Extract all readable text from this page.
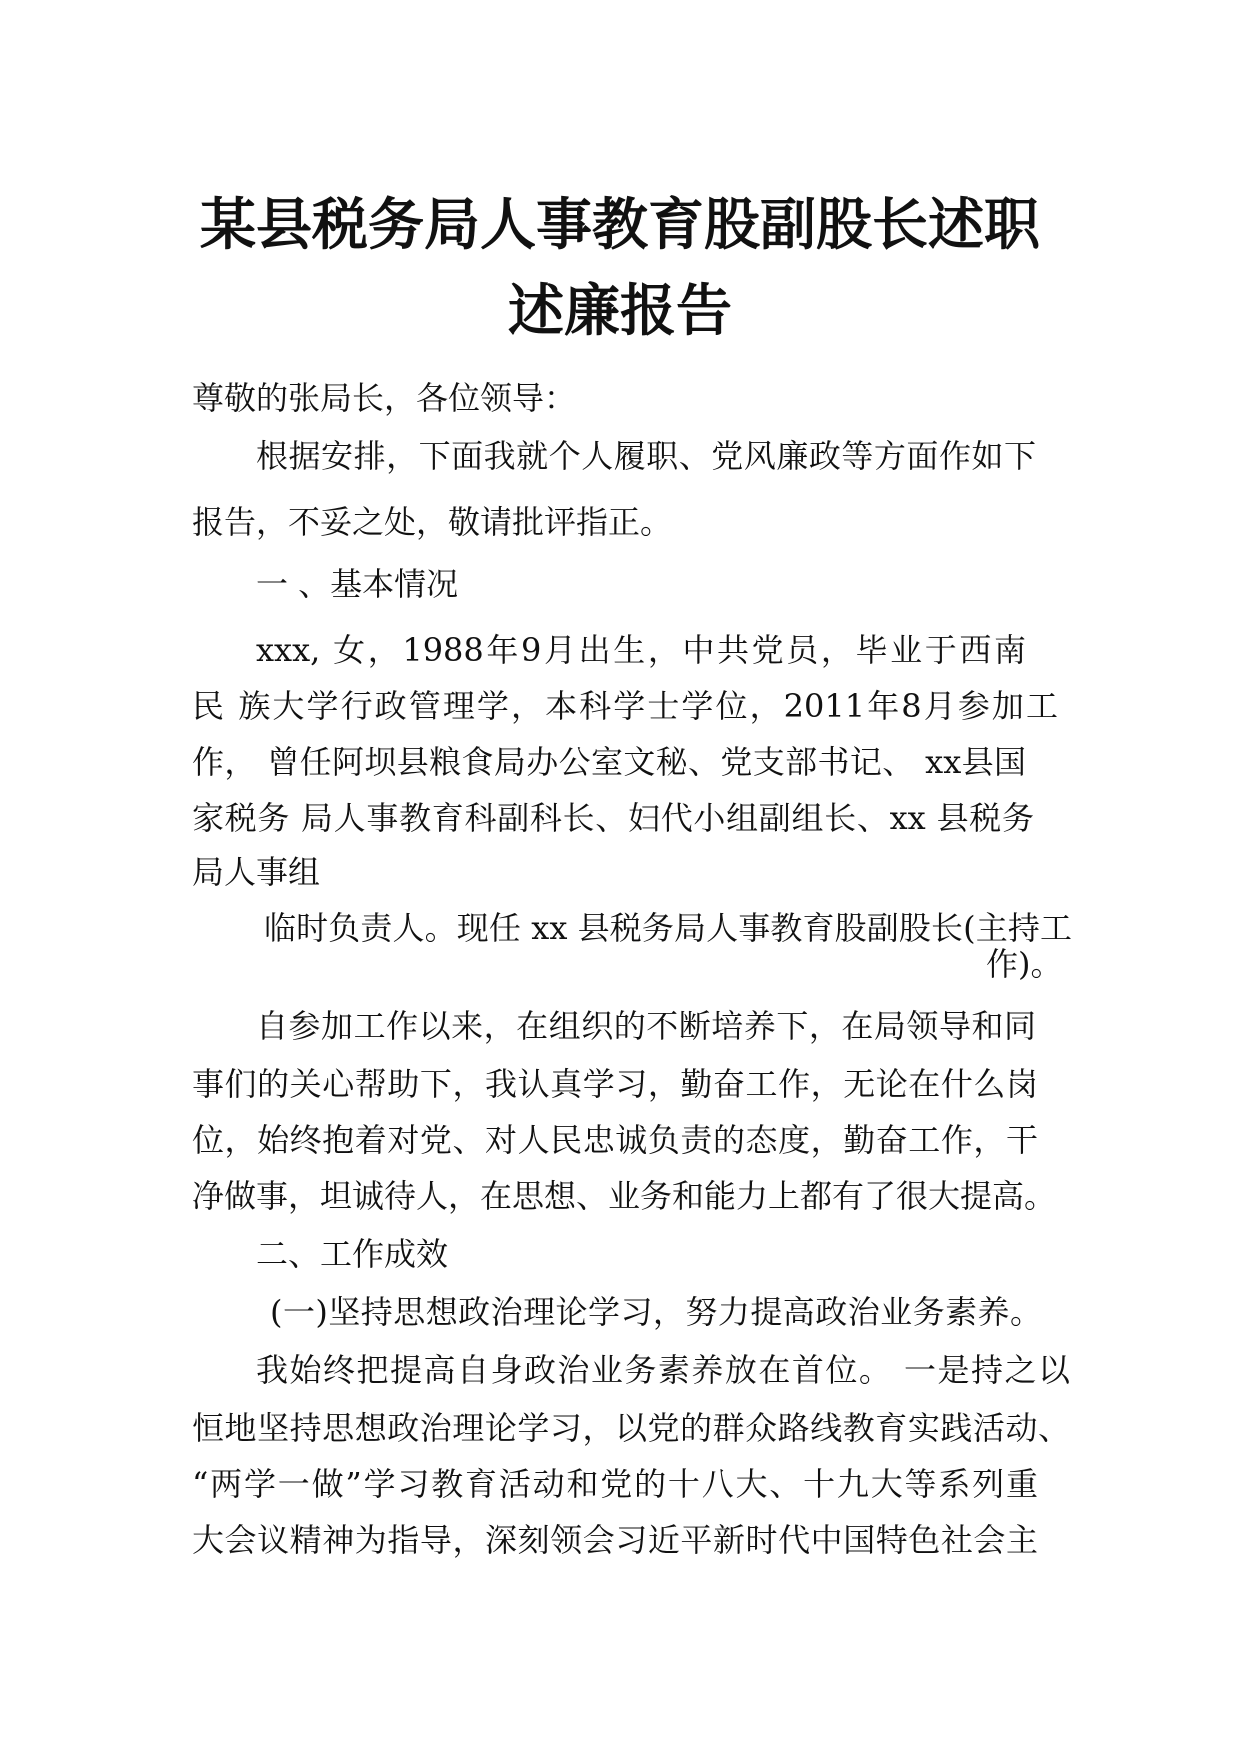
某县税务局人事教育股副股长述职
述廉报告
尊敬的张局长，各位领导：
根据安排，下面我就个人履职、党风廉政等方面作如下
报告，不妥之处，敬请批评指正。
一 、基本情况
xxx, 女，1988年9月出生，中共党员，毕业于西南
民 族大学行政管理学，本科学士学位，2011年8月参加工
作， 曾任阿坝县粮食局办公室文秘、党支部书记、 xx县国
家税务 局人事教育科副科长、妇代小组副组长、xx 县税务
局人事组
临时负责人。现任 xx 县税务局人事教育股副股长(主持工
作)。
自参加工作以来，在组织的不断培养下，在局领导和同
事们的关心帮助下，我认真学习，勤奋工作，无论在什么岗
位，始终抱着对党、对人民忠诚负责的态度，勤奋工作，干
净做事，坦诚待人，在思想、业务和能力上都有了很大提高。
二、工作成效
(一)坚持思想政治理论学习，努力提高政治业务素养。
我始终把提高自身政治业务素养放在首位。 一是持之以
恒地坚持思想政治理论学习，以党的群众路线教育实践活动、
“两学一做”学习教育活动和党的十八大、十九大等系列重
大会议精神为指导，深刻领会习近平新时代中国特色社会主
